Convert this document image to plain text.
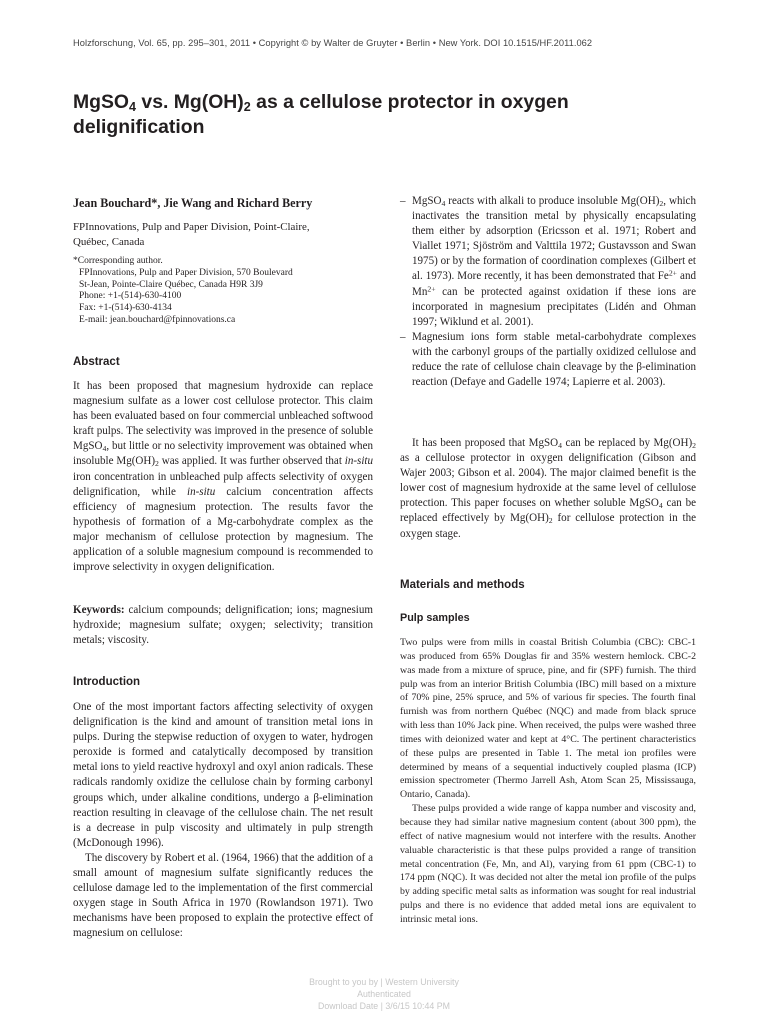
Holzforschung, Vol. 65, pp. 295–301, 2011 • Copyright © by Walter de Gruyter • Berlin • New York. DOI 10.1515/HF.2011.062
MgSO$_4$ vs. $Mg(OH)_2$ as a cellulose protector in oxygen
delignification
Jean Bouchard*, Jie Wang and Richard Berry
FPInnovations, Pulp and Paper Division, Point-Claire,
Québec, Canada
*Corresponding author.
FPInnovations, Pulp and Paper Division, 570 Boulevard
St-Jean, Pointe-Claire Québec, Canada H9R 3J9
Phone: +1-(514)-630-4100
Fax: +1-(514)-630-4134
E-mail: jean.bouchard@fpinnovations.ca
Abstract
It has been proposed that magnesium hydroxide can replace magnesium sulfate as a lower cost cellulose protector. This claim has been evaluated based on four commercial unbleached softwood kraft pulps. The selectivity was improved in the presence of soluble MgSO$_4$, but little or no selectivity improvement was obtained when insoluble $Mg(OH)_2$ was applied. It was further observed that in-situ iron concentration in unbleached pulp affects selectivity of oxygen delignification, while in-situ calcium concentration affects efficiency of magnesium protection. The results favor the hypothesis of formation of a Mg-carbohydrate complex as the major mechanism of cellulose protection by magnesium. The application of a soluble magnesium compound is recommended to improve selectivity in oxygen delignification.
Keywords: calcium compounds; delignification; ions; magnesium hydroxide; magnesium sulfate; oxygen; selectivity; transition metals; viscosity.
Introduction

One of the most important factors affecting selectivity of oxygen delignification is the kind and amount of transition metal ions in pulps. During the stepwise reduction of oxygen to water, hydrogen peroxide is formed and catalytically decomposed by transition metal ions to yield reactive hydroxyl and oxyl anion radicals. These radicals randomly oxidize the cellulose chain by forming carbonyl groups which, under alkaline conditions, undergo a β-elimination reaction resulting in cleavage of the cellulose chain. The net result is a decrease in pulp viscosity and ultimately in pulp strength (McDonough 1996).

The discovery by Robert et al. (1964, 1966) that the addition of a small amount of magnesium sulfate significantly reduces the cellulose damage led to the implementation of the first commercial oxygen stage in South Africa in 1970 (Rowlandson 1971). Two mechanisms have been proposed to explain the protective effect of magnesium on cellulose:

– MgSO$_4$ reacts with alkali to produce insoluble $Mg(OH)_2$, which inactivates the transition metal by physically encapsulating them either by adsorption (Ericsson et al. 1971; Robert and Viallet 1971; Sjöström and Valttila 1972; Gustavsson and Swan 1975) or by the formation of coordination complexes (Gilbert et al. 1973). More recently, it has been demonstrated that $Fe^{2+}$ and $Mn^{2+}$ can be protected against oxidation if these ions are incorporated in magnesium precipitates (Lidén and Ohman 1997; Wiklund et al. 2001).
– Magnesium ions form stable metal-carbohydrate complexes with the carbonyl groups of the partially oxidized cellulose and reduce the rate of cellulose chain cleavage by the β-elimination reaction (Defaye and Gadelle 1974; Lapierre et al. 2003).
It has been proposed that MgSO$_4$ can be replaced by $Mg(OH)_2$ as a cellulose protector in oxygen delignification (Gibson and Wajer 2003; Gibson et al. 2004). The major claimed benefit is the lower cost of magnesium hydroxide at the same level of cellulose protection. This paper focuses on whether soluble MgSO$_4$ can be replaced effectively by $Mg(OH)_2$ for cellulose protection in the oxygen stage.
Materials and methods
Pulp samples

Two pulps were from mills in coastal British Columbia (CBC): CBC-1 was produced from 65% Douglas fir and 35% western hemlock. CBC-2 was made from a mixture of spruce, pine, and fir (SPF) furnish. The third pulp was from an interior British Columbia (IBC) mill based on a mixture of 70% pine, 25% spruce, and 5% of various fir species. The fourth final furnish was from northern Québec (NQC) and made from black spruce with less than 10% Jack pine. When received, the pulps were washed three times with deionized water and kept at 4°C. The pertinent characteristics of these pulps are presented in Table 1. The metal ion profiles were determined by means of a sequential inductively coupled plasma (ICP) emission spectrometer (Thermo Jarrell Ash, Atom Scan 25, Mississauga, Ontario, Canada).

These pulps provided a wide range of kappa number and viscosity and, because they had similar native magnesium content (about 300 ppm), the effect of native magnesium would not interfere with the results. Another valuable characteristic is that these pulps provided a range of transition metal concentration (Fe, Mn, and Al), varying from 61 ppm (CBC-1) to 174 ppm (NQC). It was decided not alter the metal ion profile of the pulps by adding specific metal salts as information was sought for real industrial pulps and there is no evidence that added metal ions are equivalent to intrinsic metal ions.

Brought to you by | Western University
Authenticated
Download Date | 3/6/15 10:44 PM
